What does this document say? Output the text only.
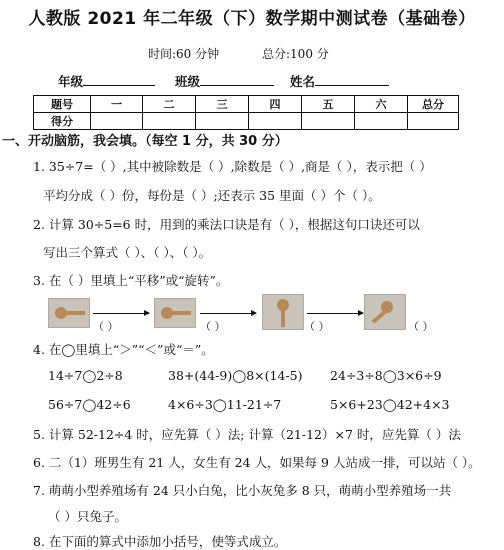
人教版 2021 年二年级（下）数学期中测试卷（基础卷）
时间:60 分钟	总分:100 分
年级	班级	姓名
题号	一	二	三	四	五	六	总分
得分							
一、开动脑筋，我会填。（每空 1 分，共 30 分）
1. 35÷7=（ ）,其中被除数是（ ）,除数是（ ）,商是（ ），表示把（ ）
平均分成（ ）份，每份是（ ）;还表示 35 里面（ ）个（ ）。
2. 计算 30÷5=6 时，用到的乘法口诀是有（ ），根据这句口诀还可以
写出三个算式（ ）、（ ）、（ ）。
3. 在（ ）里填上“平移”或“旋转”。
（ ）	（ ）	（ ）	（ ）
4. 在◯里填上“＞”“＜”或“＝”。
14÷7◯2÷8	38+(44-9)◯8×(14-5) 24÷3÷8◯3×6÷9
56÷7◯42÷6	4×6÷3◯11-21÷7	5×6+23◯42+4×3
5. 计算 52-12÷4 时，应先算（ ）法; 计算（21-12）×7 时，应先算（ ）法
6. 二（1）班男生有 21 人，女生有 24 人，如果每 9 人站成一排，可以站（ ）。
7. 萌萌小型养殖场有 24 只小白兔，比小灰兔多 8 只，萌萌小型养殖场一共
（ ）只兔子。
8. 在下面的算式中添加小括号，使等式成立。
